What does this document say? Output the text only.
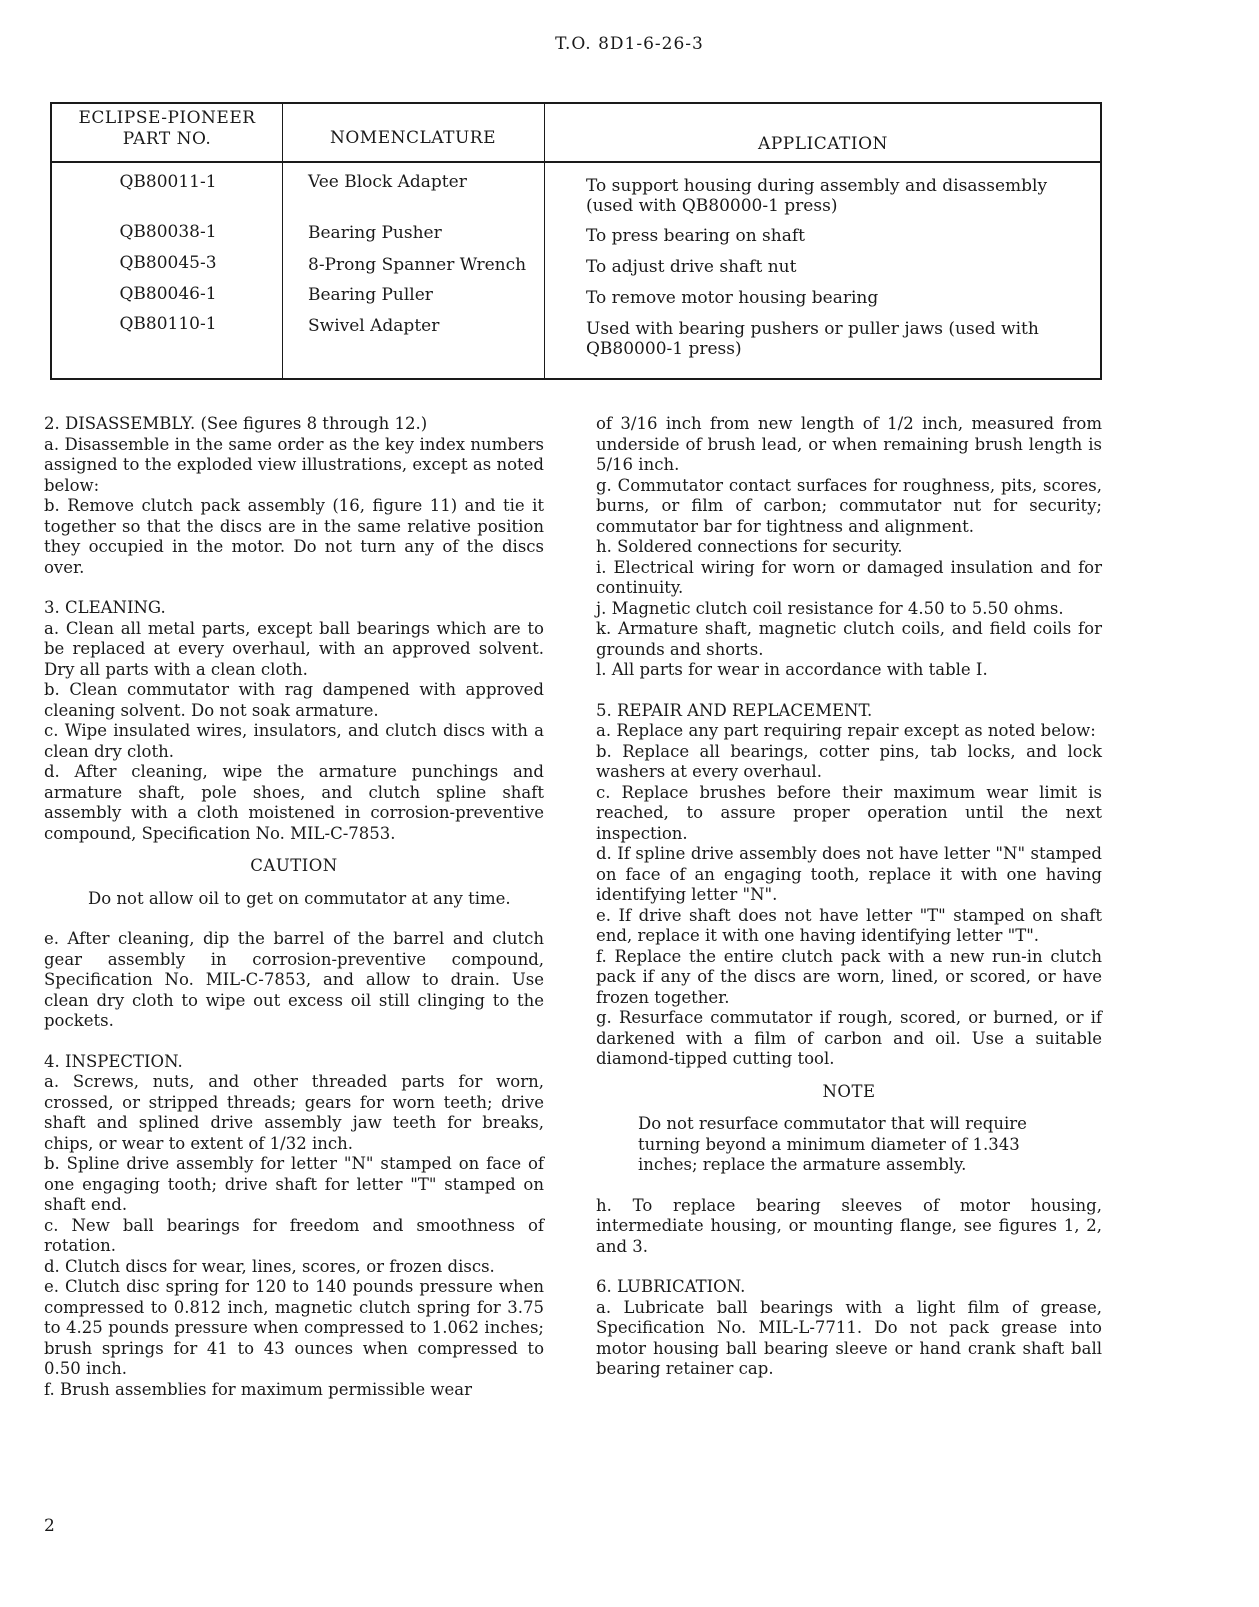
T.O. 8D1-6-26-3
ECLIPSE-PIONEER
PART NO.	NOMENCLATURE	APPLICATION
QB80011-1	Vee Block Adapter	To support housing during assembly and disassembly (used with QB80000-1 press)
QB80038-1	Bearing Pusher	To press bearing on shaft
QB80045-3	8-Prong Spanner Wrench	To adjust drive shaft nut
QB80046-1	Bearing Puller	To remove motor housing bearing
QB80110-1	Swivel Adapter	Used with bearing pushers or puller jaws (used with QB80000-1 press)

2. DISASSEMBLY. (See figures 8 through 12.)

a. Disassemble in the same order as the key index numbers assigned to the exploded view illustrations, except as noted below:

b. Remove clutch pack assembly (16, figure 11) and tie it together so that the discs are in the same relative position they occupied in the motor. Do not turn any of the discs over.

3. CLEANING.

a. Clean all metal parts, except ball bearings which are to be replaced at every overhaul, with an approved solvent. Dry all parts with a clean cloth.

b. Clean commutator with rag dampened with approved cleaning solvent. Do not soak armature.

c. Wipe insulated wires, insulators, and clutch discs with a clean dry cloth.

d. After cleaning, wipe the armature punchings and armature shaft, pole shoes, and clutch spline shaft assembly with a cloth moistened in corrosion-preventive compound, Specification No. MIL-C-7853.

CAUTION

Do not allow oil to get on commutator at any time.

e. After cleaning, dip the barrel of the barrel and clutch gear assembly in corrosion-preventive compound, Specification No. MIL-C-7853, and allow to drain. Use clean dry cloth to wipe out excess oil still clinging to the pockets.

4. INSPECTION.

a. Screws, nuts, and other threaded parts for worn, crossed, or stripped threads; gears for worn teeth; drive shaft and splined drive assembly jaw teeth for breaks, chips, or wear to extent of 1/32 inch.

b. Spline drive assembly for letter "N" stamped on face of one engaging tooth; drive shaft for letter "T" stamped on shaft end.

c. New ball bearings for freedom and smoothness of rotation.

d. Clutch discs for wear, lines, scores, or frozen discs.

e. Clutch disc spring for 120 to 140 pounds pressure when compressed to 0.812 inch, magnetic clutch spring for 3.75 to 4.25 pounds pressure when compressed to 1.062 inches; brush springs for 41 to 43 ounces when compressed to 0.50 inch.

f. Brush assemblies for maximum permissible wear

of 3/16 inch from new length of 1/2 inch, measured from underside of brush lead, or when remaining brush length is 5/16 inch.

g. Commutator contact surfaces for roughness, pits, scores, burns, or film of carbon; commutator nut for security; commutator bar for tightness and alignment.

h. Soldered connections for security.

i. Electrical wiring for worn or damaged insulation and for continuity.

j. Magnetic clutch coil resistance for 4.50 to 5.50 ohms.

k. Armature shaft, magnetic clutch coils, and field coils for grounds and shorts.

l. All parts for wear in accordance with table I.

5. REPAIR AND REPLACEMENT.

a. Replace any part requiring repair except as noted below:

b. Replace all bearings, cotter pins, tab locks, and lock washers at every overhaul.

c. Replace brushes before their maximum wear limit is reached, to assure proper operation until the next inspection.

d. If spline drive assembly does not have letter "N" stamped on face of an engaging tooth, replace it with one having identifying letter "N".

e. If drive shaft does not have letter "T" stamped on shaft end, replace it with one having identifying letter "T".

f. Replace the entire clutch pack with a new run-in clutch pack if any of the discs are worn, lined, or scored, or have frozen together.

g. Resurface commutator if rough, scored, or burned, or if darkened with a film of carbon and oil. Use a suitable diamond-tipped cutting tool.

NOTE

Do not resurface commutator that will require turning beyond a minimum diameter of 1.343 inches; replace the armature assembly.

h. To replace bearing sleeves of motor housing, intermediate housing, or mounting flange, see figures 1, 2, and 3.

6. LUBRICATION.

a. Lubricate ball bearings with a light film of grease, Specification No. MIL-L-7711. Do not pack grease into motor housing ball bearing sleeve or hand crank shaft ball bearing retainer cap.

2
